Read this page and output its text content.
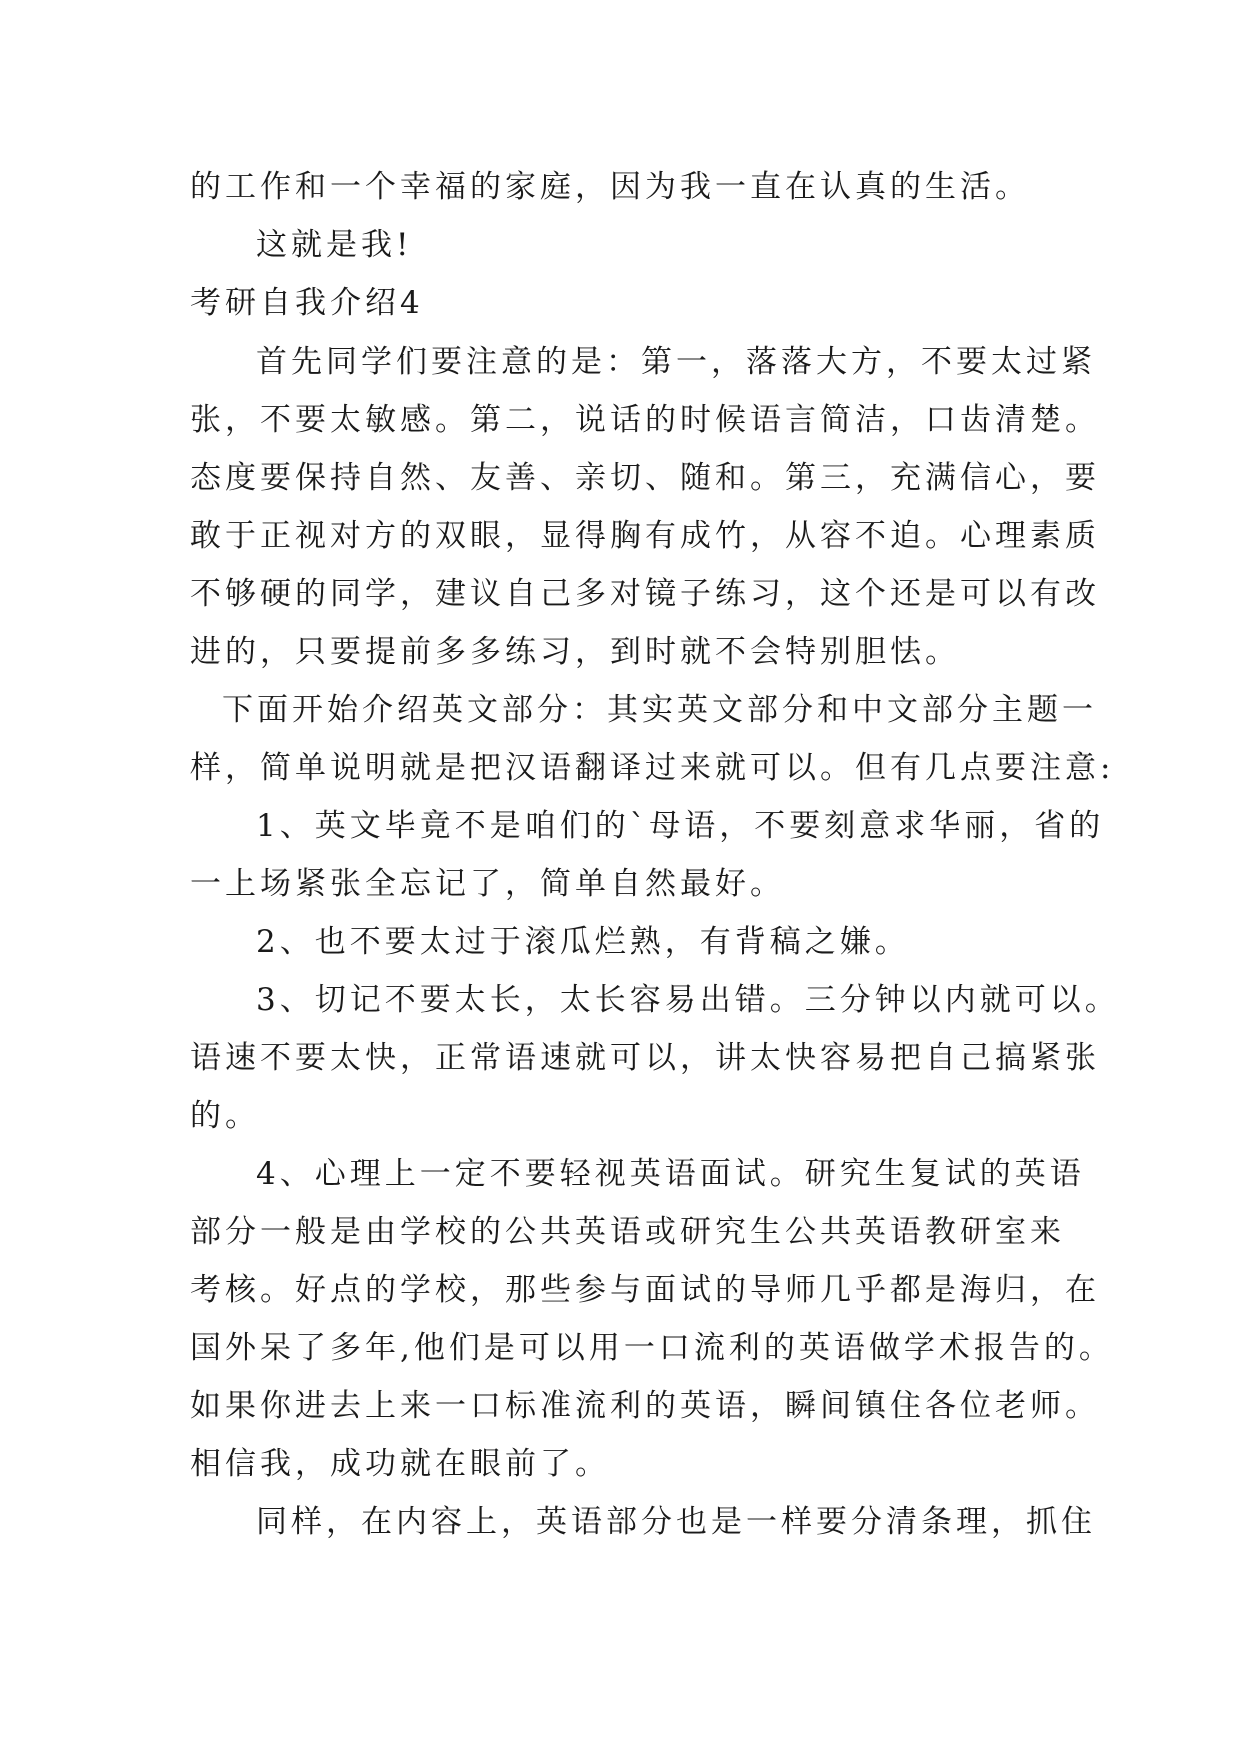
的工作和一个幸福的家庭，因为我一直在认真的生活。
这就是我!
考研自我介绍4
首先同学们要注意的是：第一，落落大方，不要太过紧
张，不要太敏感。第二，说话的时候语言简洁，口齿清楚。
态度要保持自然、友善、亲切、随和。第三，充满信心，要
敢于正视对方的双眼，显得胸有成竹，从容不迫。心理素质
不够硬的同学，建议自己多对镜子练习，这个还是可以有改
进的，只要提前多多练习，到时就不会特别胆怯。
下面开始介绍英文部分：其实英文部分和中文部分主题一
样，简单说明就是把汉语翻译过来就可以。但有几点要注意:
1、英文毕竟不是咱们的`母语，不要刻意求华丽，省的
一上场紧张全忘记了，简单自然最好。
2、也不要太过于滚瓜烂熟，有背稿之嫌。
3、切记不要太长，太长容易出错。三分钟以内就可以。
语速不要太快，正常语速就可以，讲太快容易把自己搞紧张
的。
4、心理上一定不要轻视英语面试。研究生复试的英语
部分一般是由学校的公共英语或研究生公共英语教研室来
考核。好点的学校，那些参与面试的导师几乎都是海归，在
国外呆了多年,他们是可以用一口流利的英语做学术报告的。
如果你进去上来一口标准流利的英语，瞬间镇住各位老师。
相信我，成功就在眼前了。
同样，在内容上，英语部分也是一样要分清条理，抓住
